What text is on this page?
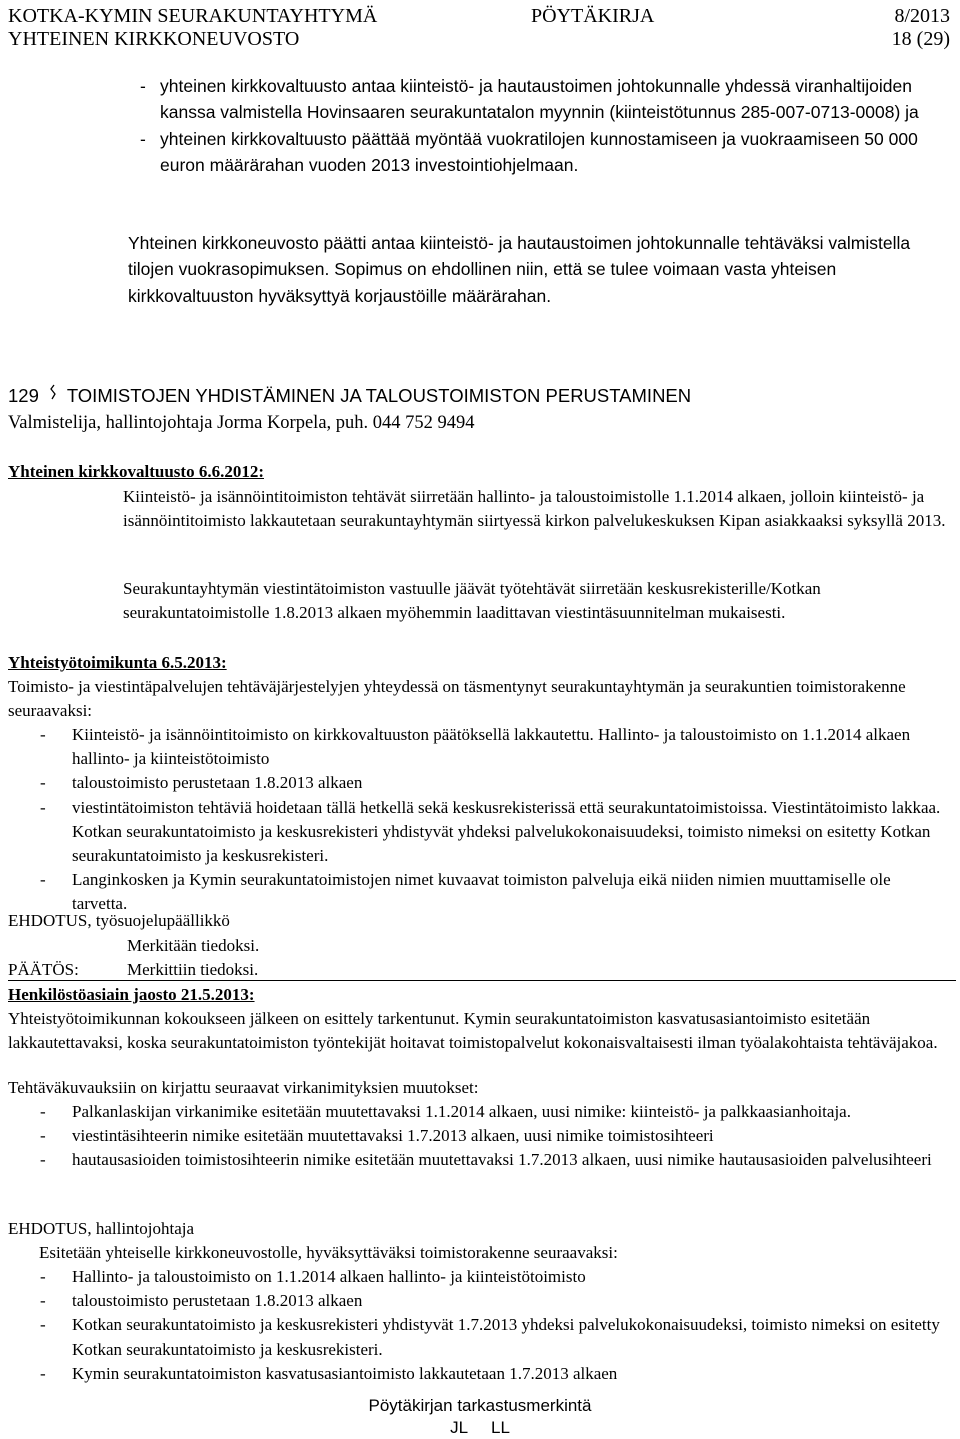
KOTKA-KYMIN SEURAKUNTAYHTYMÄ	PÖYTÄKIRJA	8/2013
YHTEINEN KIRKKONEUVOSTO	18 (29)
- yhteinen kirkkovaltuusto antaa kiinteistö- ja hautaustoimen johtokunnalle yhdessä viranhaltijoiden kanssa valmistella Hovinsaaren seurakuntatalon myynnin (kiinteistötunnus 285-007-0713-0008) ja
- yhteinen kirkkovaltuusto päättää myöntää vuokratilojen kunnostamiseen ja vuokraamiseen 50 000 euron määrärahan vuoden 2013 investointiohjelmaan.

Yhteinen kirkkoneuvosto päätti antaa kiinteistö- ja hautaustoimen johtokunnalle tehtäväksi valmistella tilojen vuokrasopimuksen. Sopimus on ehdollinen niin, että se tulee voimaan vasta yhteisen kirkkovaltuuston hyväksyttyä korjaustöille määrärahan.

129 TOIMISTOJEN YHDISTÄMINEN JA TALOUSTOIMISTON PERUSTAMINEN
Valmistelija, hallintojohtaja Jorma Korpela, puh. 044 752 9494
Yhteinen kirkkovaltuusto 6.6.2012:

Kiinteistö- ja isännöintitoimiston tehtävät siirretään hallinto- ja taloustoimistolle 1.1.2014 alkaen, jolloin kiinteistö- ja isännöintitoimisto lakkautetaan seurakuntayhtymän siirtyessä kirkon palvelukeskuksen Kipan asiakkaaksi syksyllä 2013.

Seurakuntayhtymän viestintätoimiston vastuulle jäävät työtehtävät siirretään keskusrekisterille/Kotkan seurakuntatoimistolle 1.8.2013 alkaen myöhemmin laadittavan viestintäsuunnitelman mukaisesti.

Yhteistyötoimikunta 6.5.2013:

Toimisto- ja viestintäpalvelujen tehtäväjärjestelyjen yhteydessä on täsmentynyt seurakuntayhtymän ja seurakuntien toimistorakenne seuraavaksi:

- Kiinteistö- ja isännöintitoimisto on kirkkovaltuuston päätöksellä lakkautettu. Hallinto- ja taloustoimisto on 1.1.2014 alkaen hallinto- ja kiinteistötoimisto
- taloustoimisto perustetaan 1.8.2013 alkaen
- viestintätoimiston tehtäviä hoidetaan tällä hetkellä sekä keskusrekisterissä että seurakuntatoimistoissa. Viestintätoimisto lakkaa. Kotkan seurakuntatoimisto ja keskusrekisteri yhdistyvät yhdeksi palvelukokonaisuudeksi, toimisto nimeksi on esitetty Kotkan seurakuntatoimisto ja keskusrekisteri.
- Langinkosken ja Kymin seurakuntatoimistojen nimet kuvaavat toimiston palveluja eikä niiden nimien muuttamiselle ole tarvetta.
EHDOTUS, työsuojelupäällikkö
Merkitään tiedoksi.
PÄÄTÖS:	Merkittiin tiedoksi.
Henkilöstöasiain jaosto 21.5.2013:

Yhteistyötoimikunnan kokoukseen jälkeen on esittely tarkentunut. Kymin seurakuntatoimiston kasvatusasiantoimisto esitetään lakkautettavaksi, koska seurakuntatoimiston työntekijät hoitavat toimistopalvelut kokonaisvaltaisesti ilman työalakohtaista tehtäväjakoa.

Tehtäväkuvauksiin on kirjattu seuraavat virkanimityksien muutokset:

- Palkanlaskijan virkanimike esitetään muutettavaksi 1.1.2014 alkaen, uusi nimike: kiinteistö- ja palkkaasianhoitaja.
- viestintäsihteerin nimike esitetään muutettavaksi 1.7.2013 alkaen, uusi nimike toimistosihteeri
- hautausasioiden toimistosihteerin nimike esitetään muutettavaksi 1.7.2013 alkaen, uusi nimike hautausasioiden palvelusihteeri
EHDOTUS, hallintojohtaja

Esitetään yhteiselle kirkkoneuvostolle, hyväksyttäväksi toimistorakenne seuraavaksi:

- Hallinto- ja taloustoimisto on 1.1.2014 alkaen hallinto- ja kiinteistötoimisto
- taloustoimisto perustetaan 1.8.2013 alkaen
- Kotkan seurakuntatoimisto ja keskusrekisteri yhdistyvät 1.7.2013 yhdeksi palvelukokonaisuudeksi, toimisto nimeksi on esitetty Kotkan seurakuntatoimisto ja keskusrekisteri.
- Kymin seurakuntatoimiston kasvatusasiantoimisto lakkautetaan 1.7.2013 alkaen
Pöytäkirjan tarkastusmerkintä
JL     LL
